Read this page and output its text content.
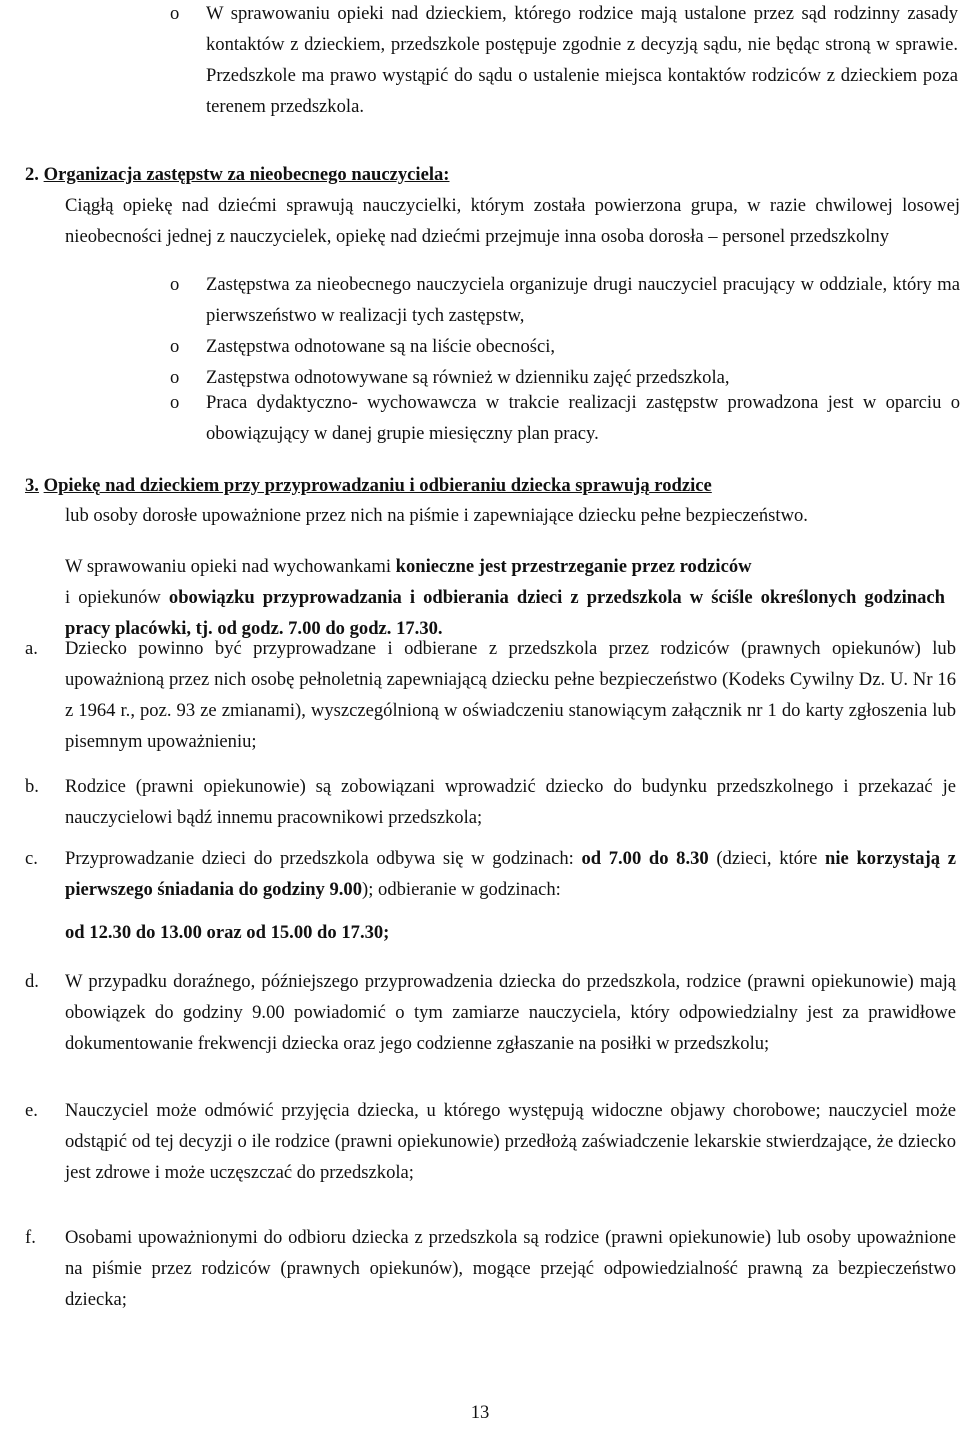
o W sprawowaniu opieki nad dzieckiem, którego rodzice mają ustalone przez sąd rodzinny zasady kontaktów z dzieckiem, przedszkole postępuje zgodnie z decyzją sądu, nie będąc stroną w sprawie. Przedszkole ma prawo wystąpić do sądu o ustalenie miejsca kontaktów rodziców z dzieckiem poza terenem przedszkola.
2. Organizacja zastępstw za nieobecnego nauczyciela:
Ciągłą opiekę nad dziećmi sprawują nauczycielki, którym została powierzona grupa, w razie chwilowej losowej nieobecności jednej z nauczycielek, opiekę nad dziećmi przejmuje inna osoba dorosła – personel przedszkolny
o Zastępstwa za nieobecnego nauczyciela organizuje drugi nauczyciel pracujący w oddziale, który ma pierwszeństwo w realizacji tych zastępstw,
o Zastępstwa odnotowane są na liście obecności,
o Zastępstwa odnotowywane są również w dzienniku zajęć przedszkola,
o Praca dydaktyczno- wychowawcza w trakcie realizacji zastępstw prowadzona jest w oparciu o obowiązujący w danej grupie miesięczny plan pracy.
3. Opiekę nad dzieckiem przy przyprowadzaniu i odbieraniu dziecka sprawują rodzice
lub osoby dorosłe upoważnione przez nich na piśmie i zapewniające dziecku pełne bezpieczeństwo.
W sprawowaniu opieki nad wychowankami konieczne jest przestrzeganie przez rodziców
i opiekunów obowiązku przyprowadzania i odbierania dzieci z przedszkola w ściśle określonych godzinach pracy placówki, tj. od godz. 7.00 do godz. 17.30.
a. Dziecko powinno być przyprowadzane i odbierane z przedszkola przez rodziców (prawnych opiekunów) lub upoważnioną przez nich osobę pełnoletnią zapewniającą dziecku pełne bezpieczeństwo (Kodeks Cywilny Dz. U. Nr 16 z 1964 r., poz. 93 ze zmianami), wyszczególnioną w oświadczeniu stanowiącym załącznik nr 1 do karty zgłoszenia lub pisemnym upoważnieniu;
b. Rodzice (prawni opiekunowie) są zobowiązani wprowadzić dziecko do budynku przedszkolnego i przekazać je nauczycielowi bądź innemu pracownikowi przedszkola;
c. Przyprowadzanie dzieci do przedszkola odbywa się w godzinach: od 7.00 do 8.30 (dzieci, które nie korzystają z pierwszego śniadania do godziny 9.00); odbieranie w godzinach:
od 12.30 do 13.00 oraz od 15.00 do 17.30;
d. W przypadku doraźnego, późniejszego przyprowadzenia dziecka do przedszkola, rodzice (prawni opiekunowie) mają obowiązek do godziny 9.00 powiadomić o tym zamiarze nauczyciela, który odpowiedzialny jest za prawidłowe dokumentowanie frekwencji dziecka oraz jego codzienne zgłaszanie na posiłki w przedszkolu;
e. Nauczyciel może odmówić przyjęcia dziecka, u którego występują widoczne objawy chorobowe; nauczyciel może odstąpić od tej decyzji o ile rodzice (prawni opiekunowie) przedłożą zaświadczenie lekarskie stwierdzające, że dziecko jest zdrowe i może uczęszczać do przedszkola;
f. Osobami upoważnionymi do odbioru dziecka z przedszkola są rodzice (prawni opiekunowie) lub osoby upoważnione na piśmie przez rodziców (prawnych opiekunów), mogące przejąć odpowiedzialność prawną za bezpieczeństwo dziecka;
13
